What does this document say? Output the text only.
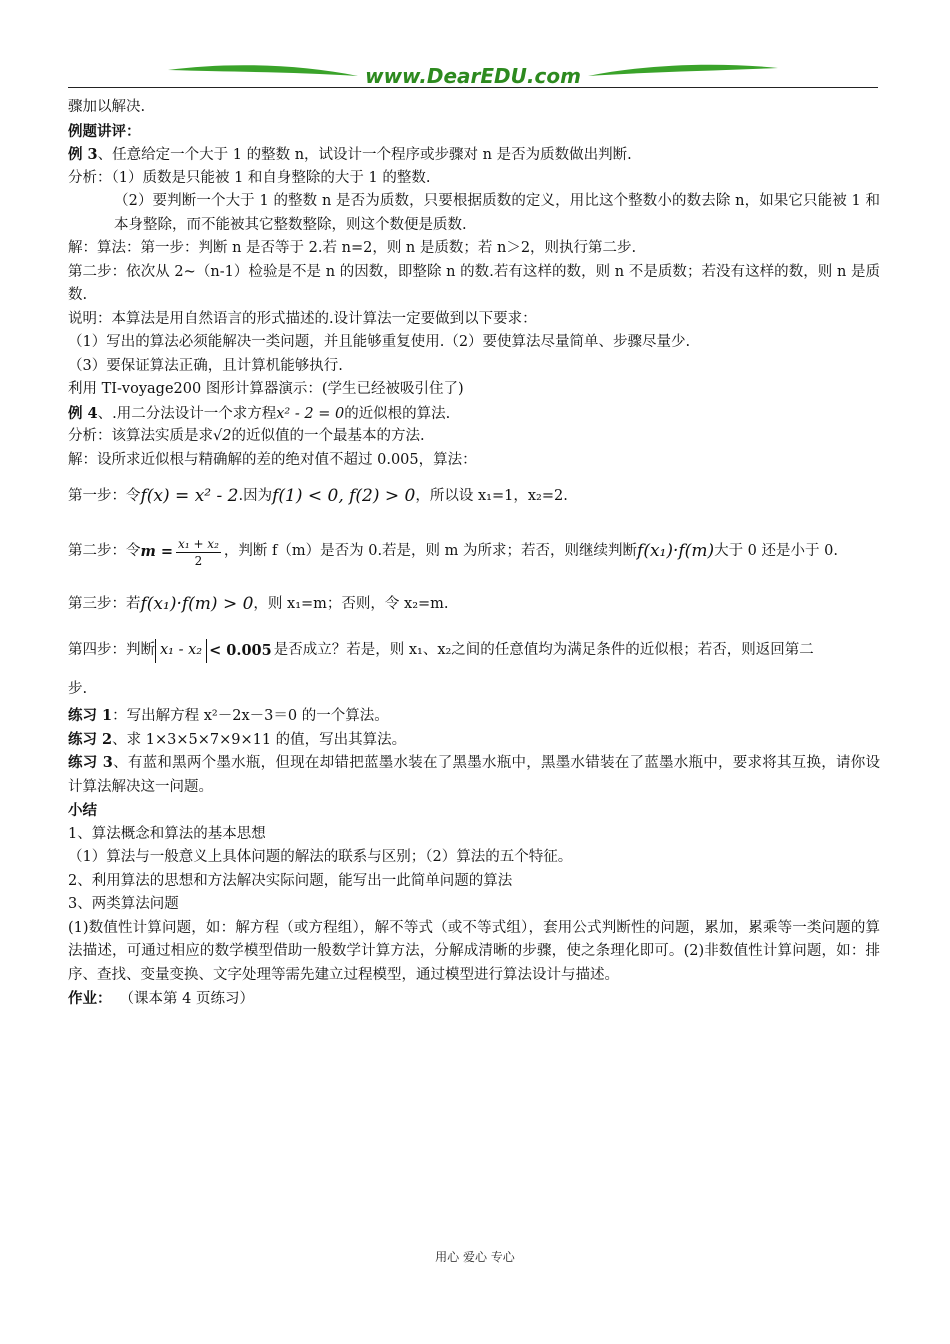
www.DearEDU.com
骤加以解决.
例题讲评：
例 3、任意给定一个大于 1 的整数 n，试设计一个程序或步骤对 n 是否为质数做出判断.
分析：（1）质数是只能被 1 和自身整除的大于 1 的整数.
（2）要判断一个大于 1 的整数 n 是否为质数，只要根据质数的定义，用比这个整数小的数去除 n，如果它只能被 1 和本身整除，而不能被其它整数整除，则这个数便是质数.
解：算法：第一步：判断 n 是否等于 2.若 n=2，则 n 是质数；若 n＞2，则执行第二步.
第二步：依次从 2~（n-1）检验是不是 n 的因数，即整除 n 的数.若有这样的数，则 n 不是质数；若没有这样的数，则 n 是质数.
说明：本算法是用自然语言的形式描述的.设计算法一定要做到以下要求：
（1）写出的算法必须能解决一类问题，并且能够重复使用.（2）要使算法尽量简单、步骤尽量少.
（3）要保证算法正确，且计算机能够执行.
利用 TI-voyage200 图形计算器演示：(学生已经被吸引住了)
例 4、.用二分法设计一个求方程x² - 2 = 0的近似根的算法.
分析：该算法实质是求√2的近似值的一个最基本的方法.
解：设所求近似根与精确解的差的绝对值不超过 0.005，算法：
第一步：令 f(x) = x² - 2 .因为 f(1) < 0, f(2) > 0 ，所以设 x₁=1，x₂=2.
第二步：令 $m = \frac{\text{x₁ + x₂}}{2}$ ，判断 f（m）是否为 0.若是，则 m 为所求；若否，则继续判断 f(x₁)·f(m) 大于 0 还是小于 0.
第三步：若 f(x₁)·f(m) > 0 ，则 x₁=m；否则，令 x₂=m.
第四步：判断 x₁ - x₂ < 0.005 是否成立？若是，则 x₁、x₂之间的任意值均为满足条件的近似根；若否，则返回第二
步.
练习 1：写出解方程 x²－2x－3＝0 的一个算法。
练习 2、求 1×3×5×7×9×11 的值，写出其算法。
练习 3、有蓝和黑两个墨水瓶，但现在却错把蓝墨水装在了黑墨水瓶中，黑墨水错装在了蓝墨水瓶中，要求将其互换，请你设计算法解决这一问题。
小结
1、算法概念和算法的基本思想
（1）算法与一般意义上具体问题的解法的联系与区别；（2）算法的五个特征。
2、利用算法的思想和方法解决实际问题，能写出一此简单问题的算法
3、两类算法问题
(1)数值性计算问题，如：解方程（或方程组），解不等式（或不等式组），套用公式判断性的问题，累加，累乘等一类问题的算法描述，可通过相应的数学模型借助一般数学计算方法，分解成清晰的步骤，使之条理化即可。(2)非数值性计算问题，如：排序、查找、变量变换、文字处理等需先建立过程模型，通过模型进行算法设计与描述。
作业： （课本第 4 页练习）
用心 爱心 专心
